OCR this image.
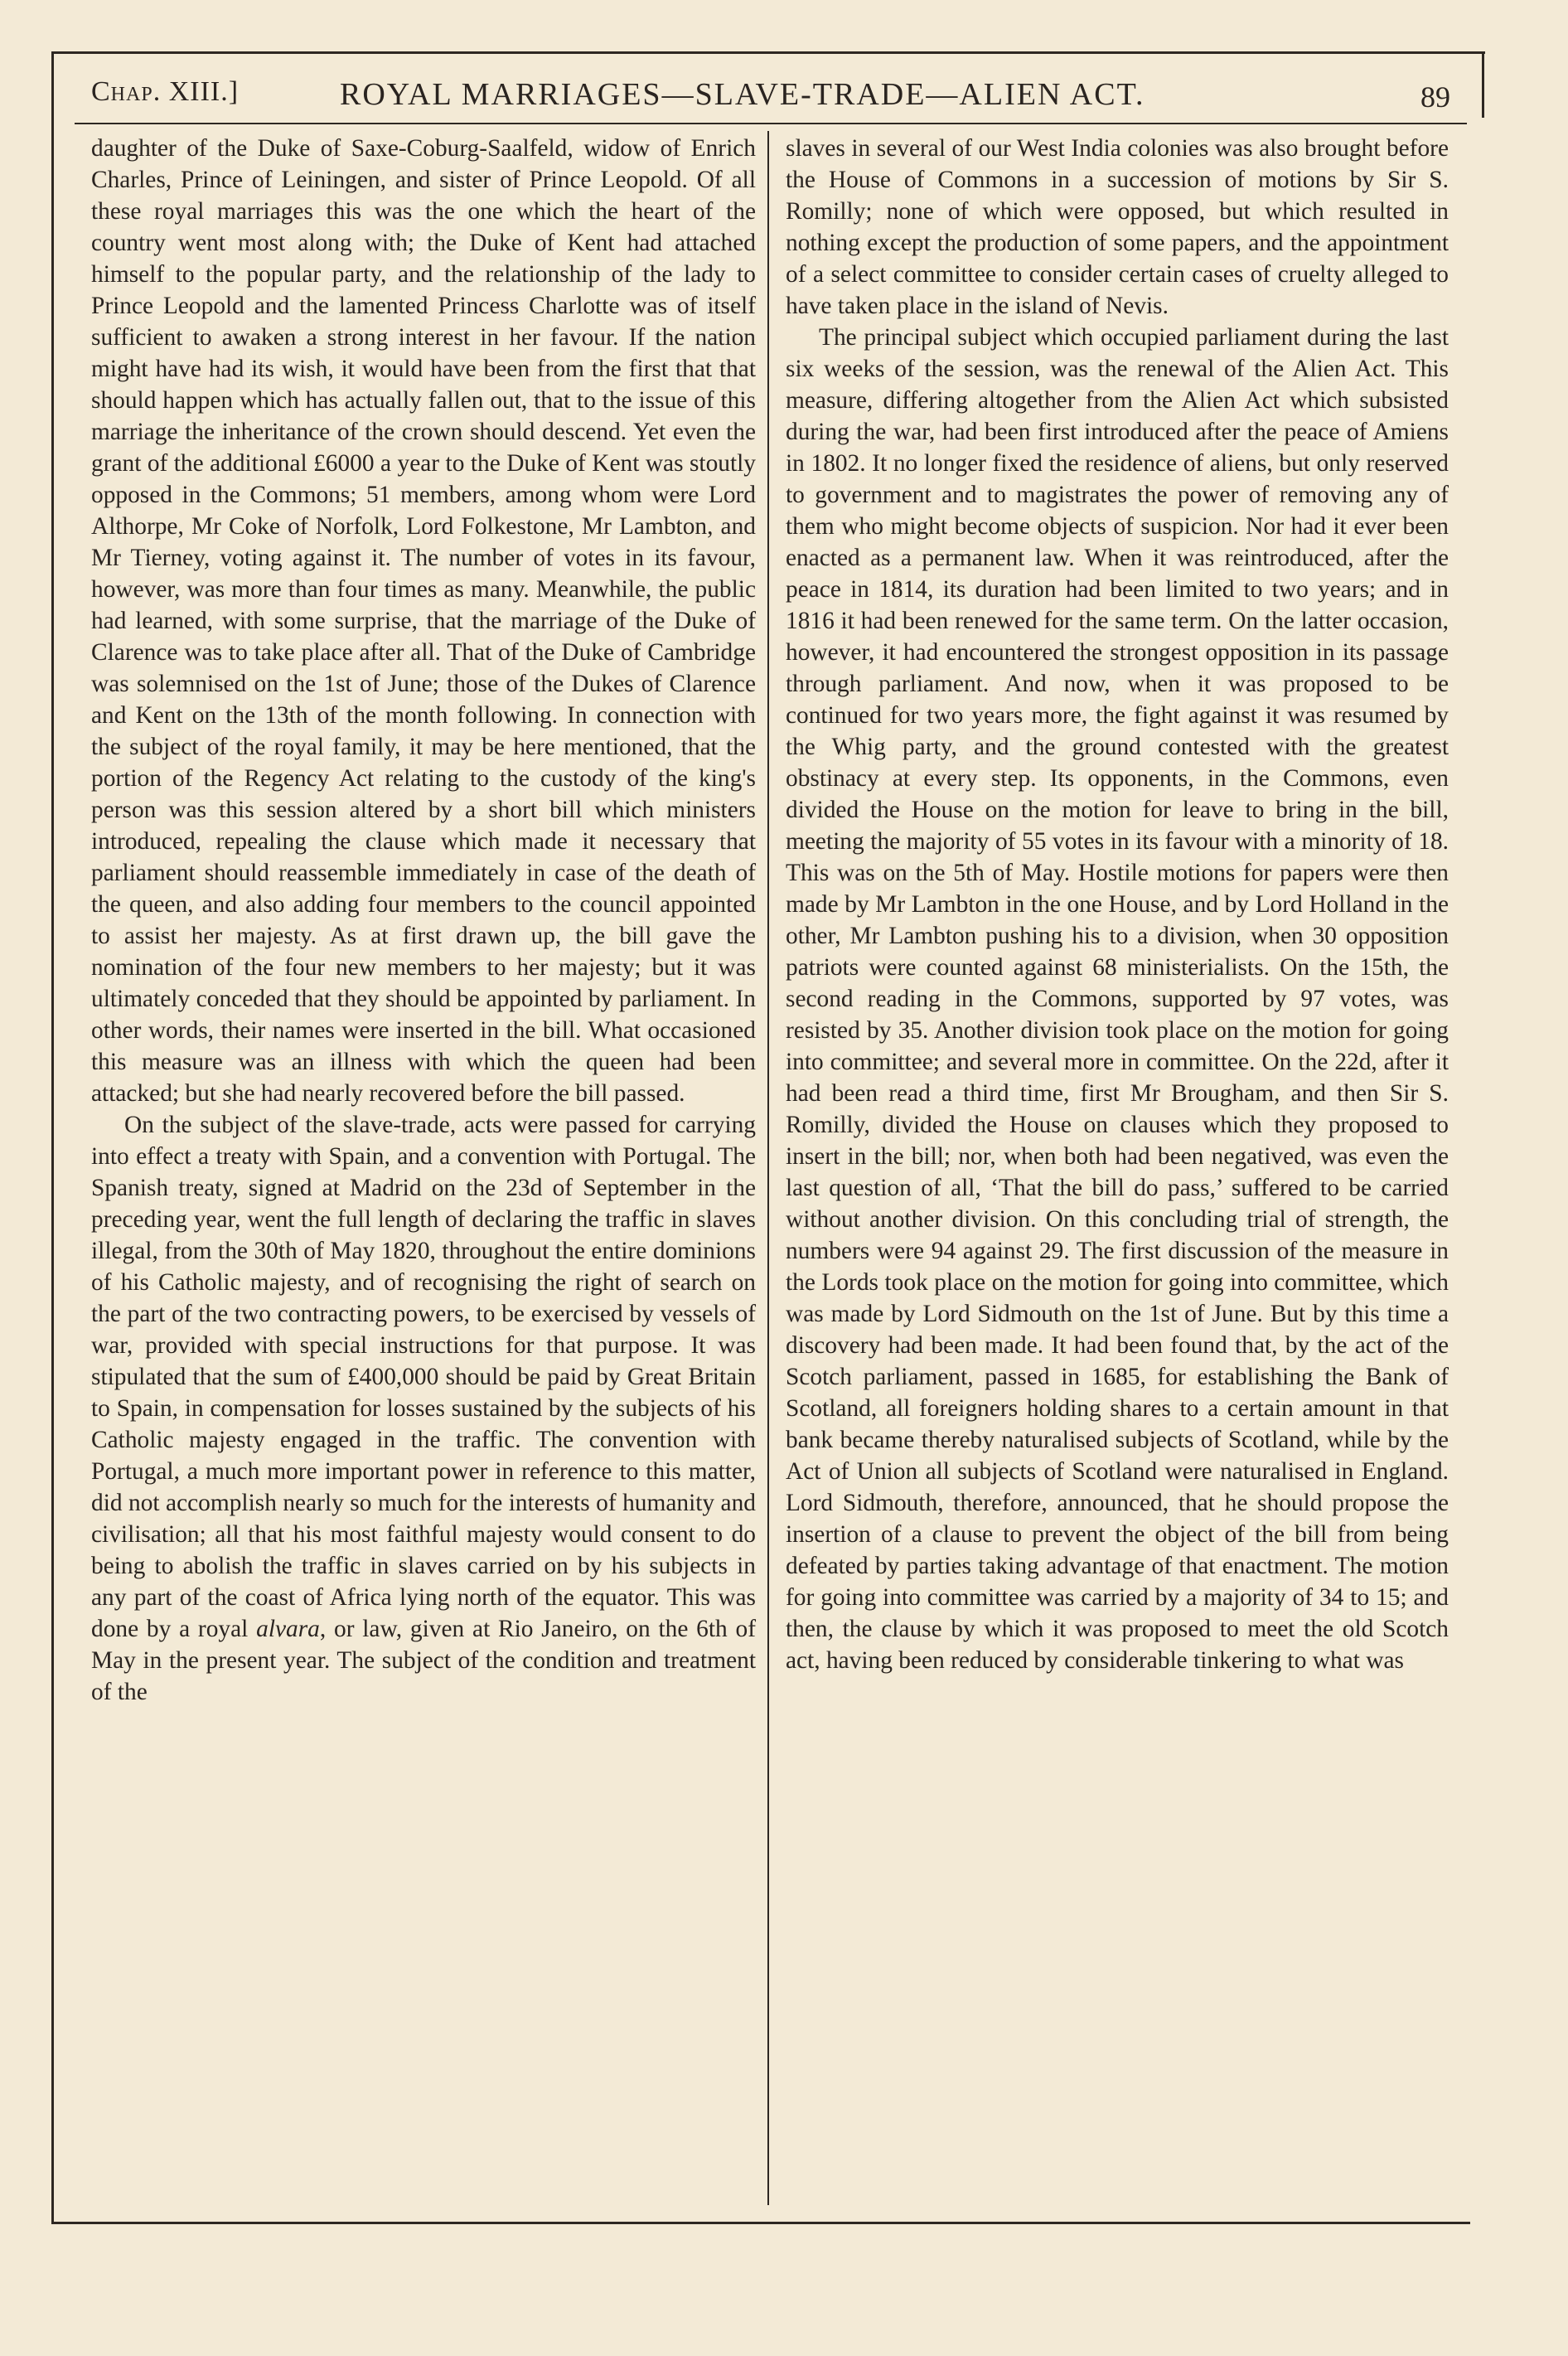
Chap. XIII.]	ROYAL MARRIAGES—SLAVE-TRADE—ALIEN ACT.	89

daughter of the Duke of Saxe-Coburg-Saalfeld, widow of Enrich Charles, Prince of Leiningen, and sister of Prince Leopold. Of all these royal marriages this was the one which the heart of the country went most along with; the Duke of Kent had attached himself to the popular party, and the relationship of the lady to Prince Leopold and the lamented Princess Charlotte was of itself sufficient to awaken a strong interest in her favour. If the nation might have had its wish, it would have been from the first that that should happen which has actually fallen out, that to the issue of this marriage the inheritance of the crown should descend. Yet even the grant of the additional £6000 a year to the Duke of Kent was stoutly opposed in the Commons; 51 members, among whom were Lord Althorpe, Mr Coke of Norfolk, Lord Folkestone, Mr Lambton, and Mr Tierney, voting against it. The number of votes in its favour, however, was more than four times as many. Meanwhile, the public had learned, with some surprise, that the marriage of the Duke of Clarence was to take place after all. That of the Duke of Cambridge was solemnised on the 1st of June; those of the Dukes of Clarence and Kent on the 13th of the month following. In connection with the subject of the royal family, it may be here mentioned, that the portion of the Regency Act relating to the custody of the king's person was this session altered by a short bill which ministers introduced, repealing the clause which made it necessary that parliament should reassemble immediately in case of the death of the queen, and also adding four members to the council appointed to assist her majesty. As at first drawn up, the bill gave the nomination of the four new members to her majesty; but it was ultimately conceded that they should be appointed by parliament. In other words, their names were inserted in the bill. What occasioned this measure was an illness with which the queen had been attacked; but she had nearly recovered before the bill passed.

On the subject of the slave-trade, acts were passed for carrying into effect a treaty with Spain, and a convention with Portugal. The Spanish treaty, signed at Madrid on the 23d of September in the preceding year, went the full length of declaring the traffic in slaves illegal, from the 30th of May 1820, throughout the entire dominions of his Catholic majesty, and of recognising the right of search on the part of the two contracting powers, to be exercised by vessels of war, provided with special instructions for that purpose. It was stipulated that the sum of £400,000 should be paid by Great Britain to Spain, in compensation for losses sustained by the subjects of his Catholic majesty engaged in the traffic. The convention with Portugal, a much more important power in reference to this matter, did not accomplish nearly so much for the interests of humanity and civilisation; all that his most faithful majesty would consent to do being to abolish the traffic in slaves carried on by his subjects in any part of the coast of Africa lying north of the equator. This was done by a royal alvara, or law, given at Rio Janeiro, on the 6th of May in the present year. The subject of the condition and treatment of the

slaves in several of our West India colonies was also brought before the House of Commons in a succession of motions by Sir S. Romilly; none of which were opposed, but which resulted in nothing except the production of some papers, and the appointment of a select committee to consider certain cases of cruelty alleged to have taken place in the island of Nevis.

The principal subject which occupied parliament during the last six weeks of the session, was the renewal of the Alien Act. This measure, differing altogether from the Alien Act which subsisted during the war, had been first introduced after the peace of Amiens in 1802. It no longer fixed the residence of aliens, but only reserved to government and to magistrates the power of removing any of them who might become objects of suspicion. Nor had it ever been enacted as a permanent law. When it was reintroduced, after the peace in 1814, its duration had been limited to two years; and in 1816 it had been renewed for the same term. On the latter occasion, however, it had encountered the strongest opposition in its passage through parliament. And now, when it was proposed to be continued for two years more, the fight against it was resumed by the Whig party, and the ground contested with the greatest obstinacy at every step. Its opponents, in the Commons, even divided the House on the motion for leave to bring in the bill, meeting the majority of 55 votes in its favour with a minority of 18. This was on the 5th of May. Hostile motions for papers were then made by Mr Lambton in the one House, and by Lord Holland in the other, Mr Lambton pushing his to a division, when 30 opposition patriots were counted against 68 ministerialists. On the 15th, the second reading in the Commons, supported by 97 votes, was resisted by 35. Another division took place on the motion for going into committee; and several more in committee. On the 22d, after it had been read a third time, first Mr Brougham, and then Sir S. Romilly, divided the House on clauses which they proposed to insert in the bill; nor, when both had been negatived, was even the last question of all, ‘That the bill do pass,’ suffered to be carried without another division. On this concluding trial of strength, the numbers were 94 against 29. The first discussion of the measure in the Lords took place on the motion for going into committee, which was made by Lord Sidmouth on the 1st of June. But by this time a discovery had been made. It had been found that, by the act of the Scotch parliament, passed in 1685, for establishing the Bank of Scotland, all foreigners holding shares to a certain amount in that bank became thereby naturalised subjects of Scotland, while by the Act of Union all subjects of Scotland were naturalised in England. Lord Sidmouth, therefore, announced, that he should propose the insertion of a clause to prevent the object of the bill from being defeated by parties taking advantage of that enactment. The motion for going into committee was carried by a majority of 34 to 15; and then, the clause by which it was proposed to meet the old Scotch act, having been reduced by considerable tinkering to what was
